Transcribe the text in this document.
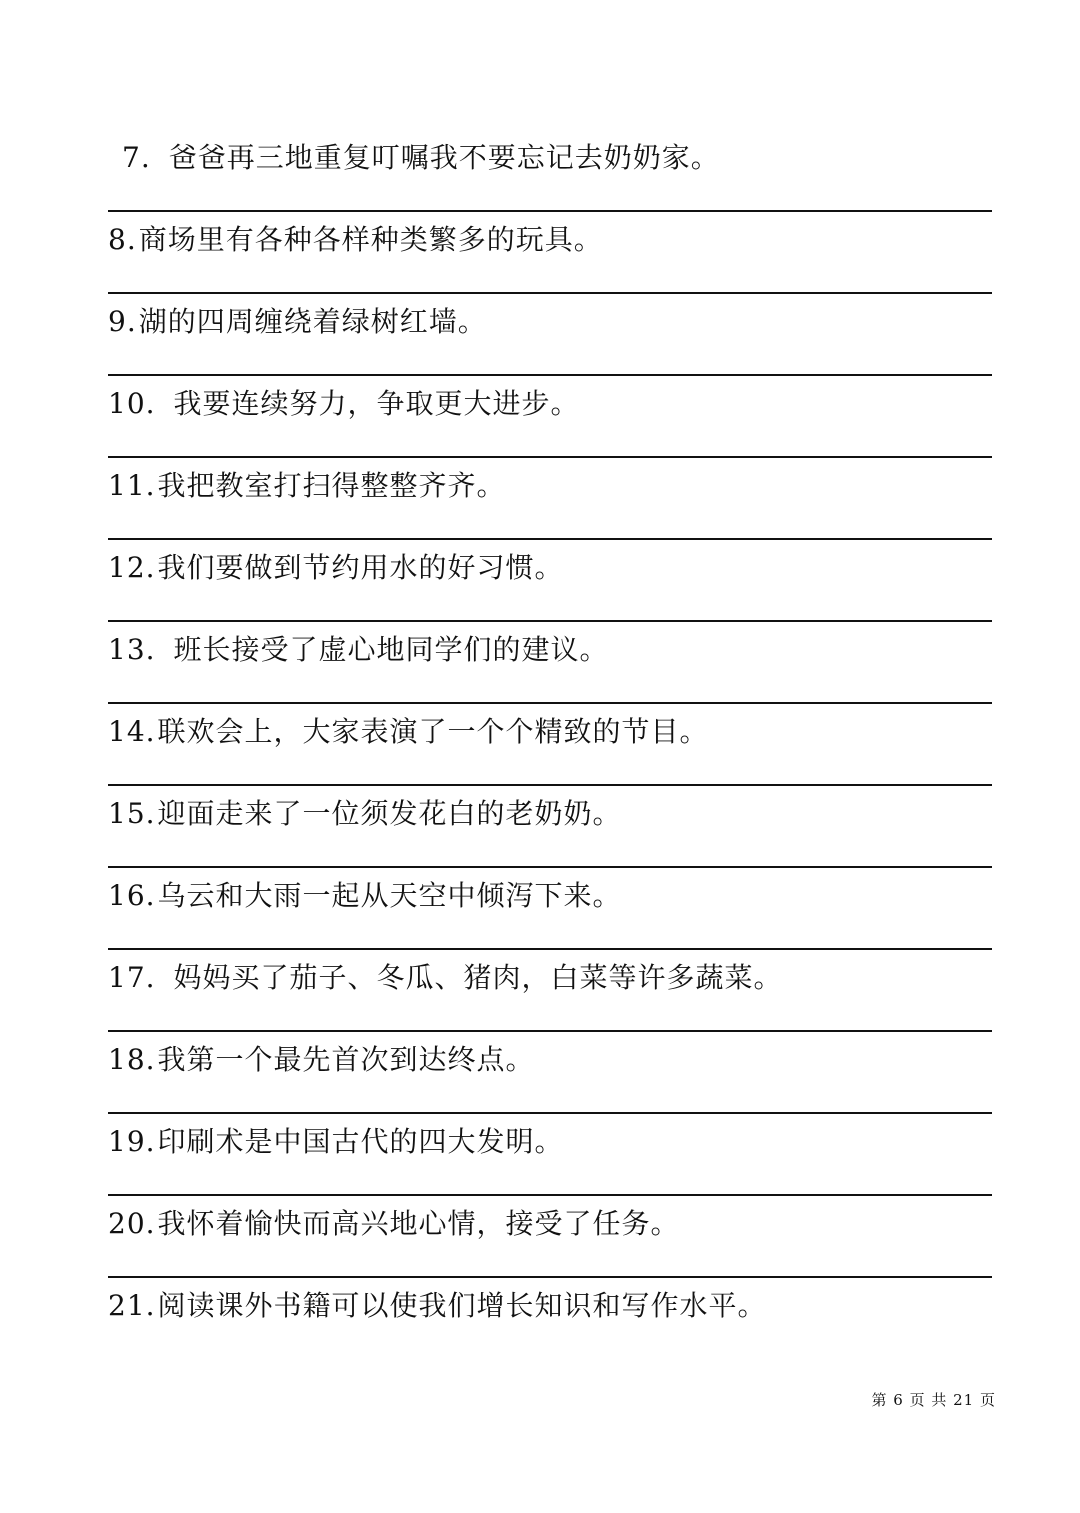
7. 爸爸再三地重复叮嘱我不要忘记去奶奶家。
8.商场里有各种各样种类繁多的玩具。
9.湖的四周缠绕着绿树红墙。
10. 我要连续努力，争取更大进步。
11.我把教室打扫得整整齐齐。
12.我们要做到节约用水的好习惯。
13. 班长接受了虚心地同学们的建议。
14.联欢会上，大家表演了一个个精致的节目。
15.迎面走来了一位须发花白的老奶奶。
16.乌云和大雨一起从天空中倾泻下来。
17. 妈妈买了茄子、冬瓜、猪肉，白菜等许多蔬菜。
18.我第一个最先首次到达终点。
19.印刷术是中国古代的四大发明。
20.我怀着愉快而高兴地心情，接受了任务。
21.阅读课外书籍可以使我们增长知识和写作水平。
第 6 页 共 21 页
